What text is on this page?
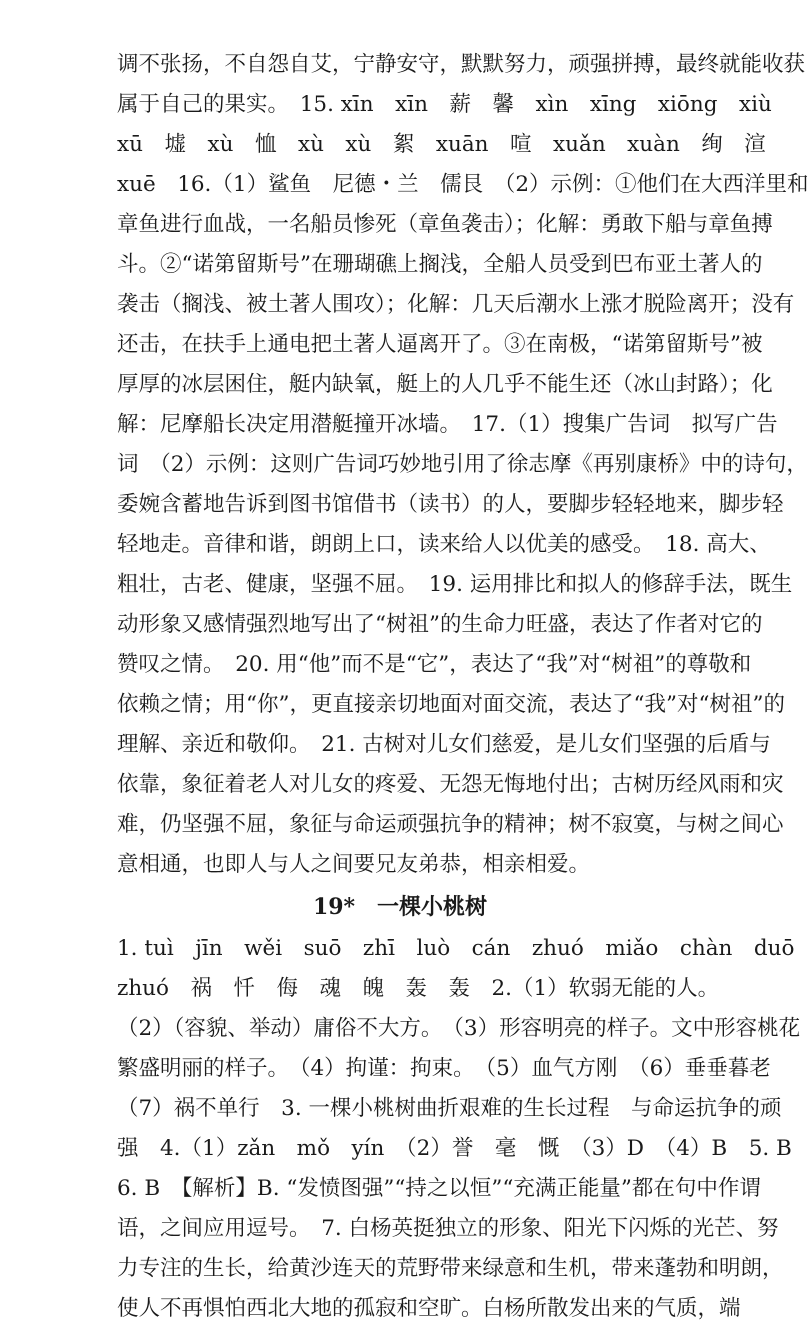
调不张扬，不自怨自艾，宁静安守，默默努力，顽强拼搏，最终就能收获
属于自己的果实。　15. xīn　xīn　薪　馨　xìn　xīng　xiōng　xiù
xū　墟　xù　恤　xù　xù　絮　xuān　喧　xuǎn　xuàn　绚　渲
xuē　16.（1）鲨鱼　尼德・兰　儒艮　（2）示例：①他们在大西洋里和
章鱼进行血战，一名船员惨死（章鱼袭击）；化解：勇敢下船与章鱼搏
斗。②“诺第留斯号”在珊瑚礁上搁浅，全船人员受到巴布亚土著人的
袭击（搁浅、被土著人围攻）；化解：几天后潮水上涨才脱险离开；没有
还击，在扶手上通电把土著人逼离开了。③在南极，“诺第留斯号”被
厚厚的冰层困住，艇内缺氧，艇上的人几乎不能生还（冰山封路）；化
解：尼摩船长决定用潜艇撞开冰墙。　17.（1）搜集广告词　拟写广告
词　（2）示例：这则广告词巧妙地引用了徐志摩《再别康桥》中的诗句，
委婉含蓄地告诉到图书馆借书（读书）的人，要脚步轻轻地来，脚步轻
轻地走。音律和谐，朗朗上口，读来给人以优美的感受。　18. 高大、
粗壮，古老、健康，坚强不屈。　19. 运用排比和拟人的修辞手法，既生
动形象又感情强烈地写出了“树祖”的生命力旺盛，表达了作者对它的
赞叹之情。　20. 用“他”而不是“它”，表达了“我”对“树祖”的尊敬和
依赖之情；用“你”，更直接亲切地面对面交流，表达了“我”对“树祖”的
理解、亲近和敬仰。　21. 古树对儿女们慈爱，是儿女们坚强的后盾与
依靠，象征着老人对儿女的疼爱、无怨无悔地付出；古树历经风雨和灾
难，仍坚强不屈，象征与命运顽强抗争的精神；树不寂寞，与树之间心
意相通，也即人与人之间要兄友弟恭，相亲相爱。
19*　一棵小桃树
1. tuì　jīn　wěi　suō　zhī　luò　cán　zhuó　miǎo　chàn　duō
zhuó　祸　忏　侮　魂　魄　轰　轰　2.（1）软弱无能的人。
（2）（容貌、举动）庸俗不大方。　（3）形容明亮的样子。文中形容桃花
繁盛明丽的样子。　（4）拘谨：拘束。　（5）血气方刚　（6）垂垂暮老
（7）祸不单行　3. 一棵小桃树曲折艰难的生长过程　与命运抗争的顽
强　4.（1）zǎn　mǒ　yín　（2）誉　毫　慨　（3）D　（4）B　5. B
6. B　【解析】B. “发愤图强”“持之以恒”“充满正能量”都在句中作谓
语，之间应用逗号。　7. 白杨英挺独立的形象、阳光下闪烁的光芒、努
力专注的生长，给黄沙连天的荒野带来绿意和生机，带来蓬勃和明朗，
使人不再惧怕西北大地的孤寂和空旷。白杨所散发出来的气质，端
